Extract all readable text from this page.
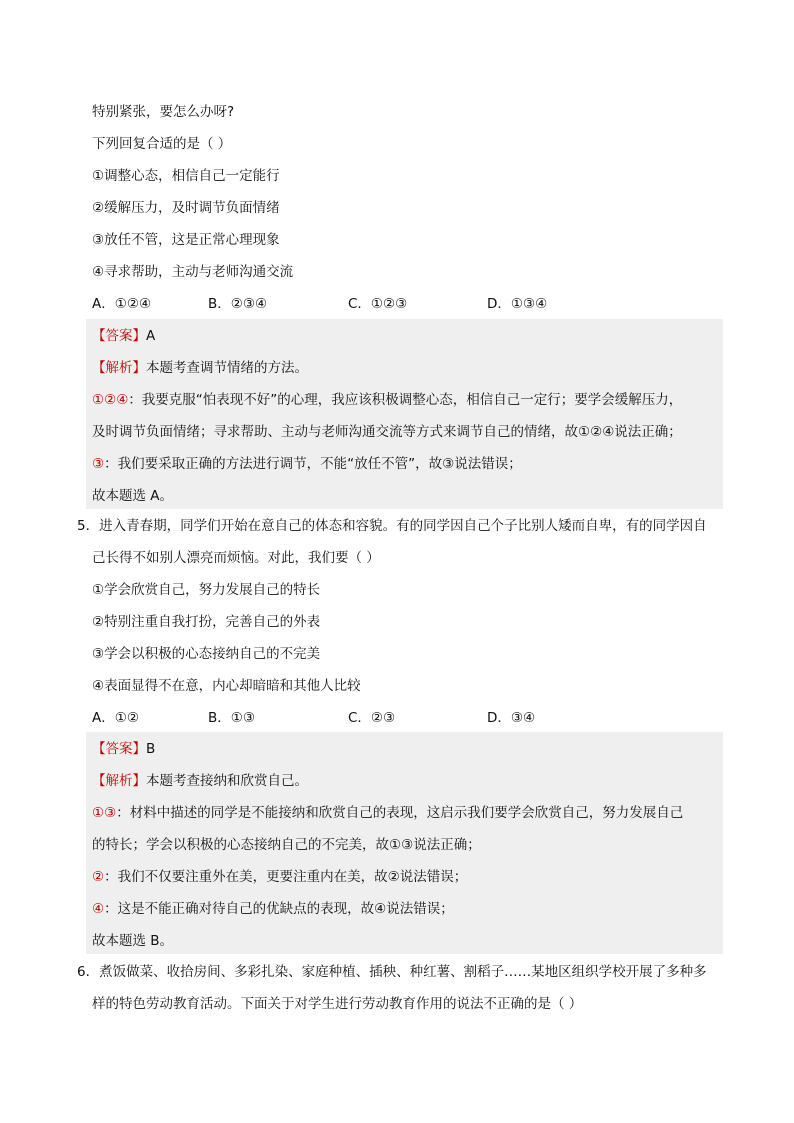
特别紧张，要怎么办呀?
下列回复合适的是（ ）
①调整心态，相信自己一定能行
②缓解压力，及时调节负面情绪
③放任不管，这是正常心理现象
④寻求帮助，主动与老师沟通交流
A．①②④	B．②③④	C．①②③	D．①③④
【答案】A
【解析】本题考查调节情绪的方法。
①②④：我要克服“怕表现不好”的心理，我应该积极调整心态，相信自己一定行；要学会缓解压力，
及时调节负面情绪；寻求帮助、主动与老师沟通交流等方式来调节自己的情绪，故①②④说法正确；
③：我们要采取正确的方法进行调节，不能“放任不管”，故③说法错误；
故本题选 A。
5．进入青春期，同学们开始在意自己的体态和容貌。有的同学因自己个子比别人矮而自卑，有的同学因自
己长得不如别人漂亮而烦恼。对此，我们要（ ）
①学会欣赏自己，努力发展自己的特长
②特别注重自我打扮，完善自己的外表
③学会以积极的心态接纳自己的不完美
④表面显得不在意，内心却暗暗和其他人比较
A．①②	B．①③	C．②③	D．③④
【答案】B
【解析】本题考查接纳和欣赏自己。
①③：材料中描述的同学是不能接纳和欣赏自己的表现，这启示我们要学会欣赏自己，努力发展自己
的特长；学会以积极的心态接纳自己的不完美，故①③说法正确；
②：我们不仅要注重外在美，更要注重内在美，故②说法错误；
④：这是不能正确对待自己的优缺点的表现，故④说法错误；
故本题选 B。
6．煮饭做菜、收拾房间、多彩扎染、家庭种植、插秧、种红薯、割稻子……某地区组织学校开展了多种多
样的特色劳动教育活动。下面关于对学生进行劳动教育作用的说法不正确的是（ ）
